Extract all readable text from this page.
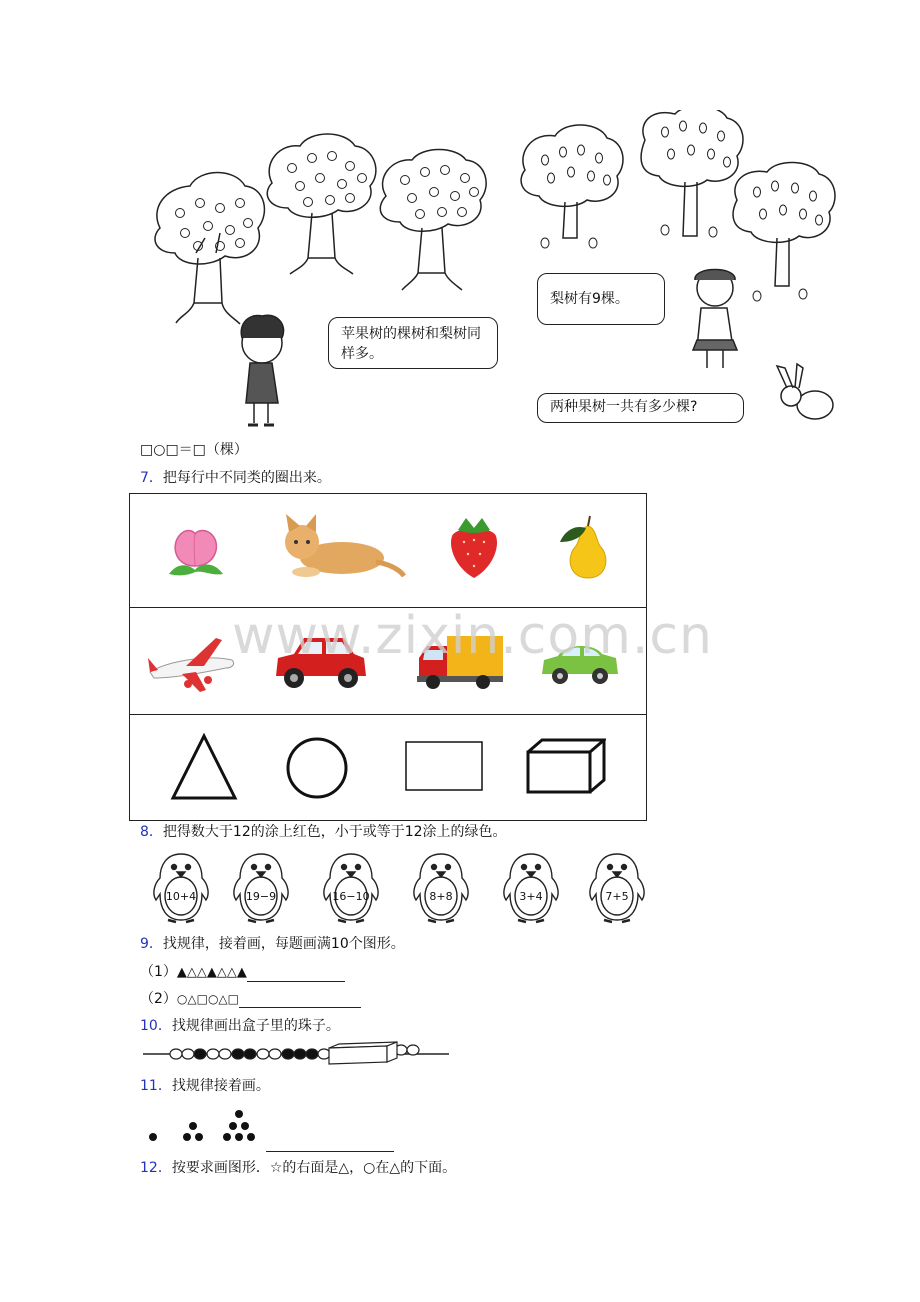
苹果树的棵树和梨树同样多。
梨树有9棵。
两种果树一共有多少棵?
□○□＝□（棵）
7．把每行中不同类的圈出来。

www.zixin.com.cn
8．把得数大于12的涂上红色，小于或等于12涂上的绿色。
10+4	19−9	16−10	8+8	3+4	7+5
9．找规律，接着画，每题画满10个图形。
（1）▲△△▲△△▲
（2）○△□○△□
10．找规律画出盒子里的珠子。
11．找规律接着画。
12．按要求画图形．☆的右面是△，○在△的下面。
